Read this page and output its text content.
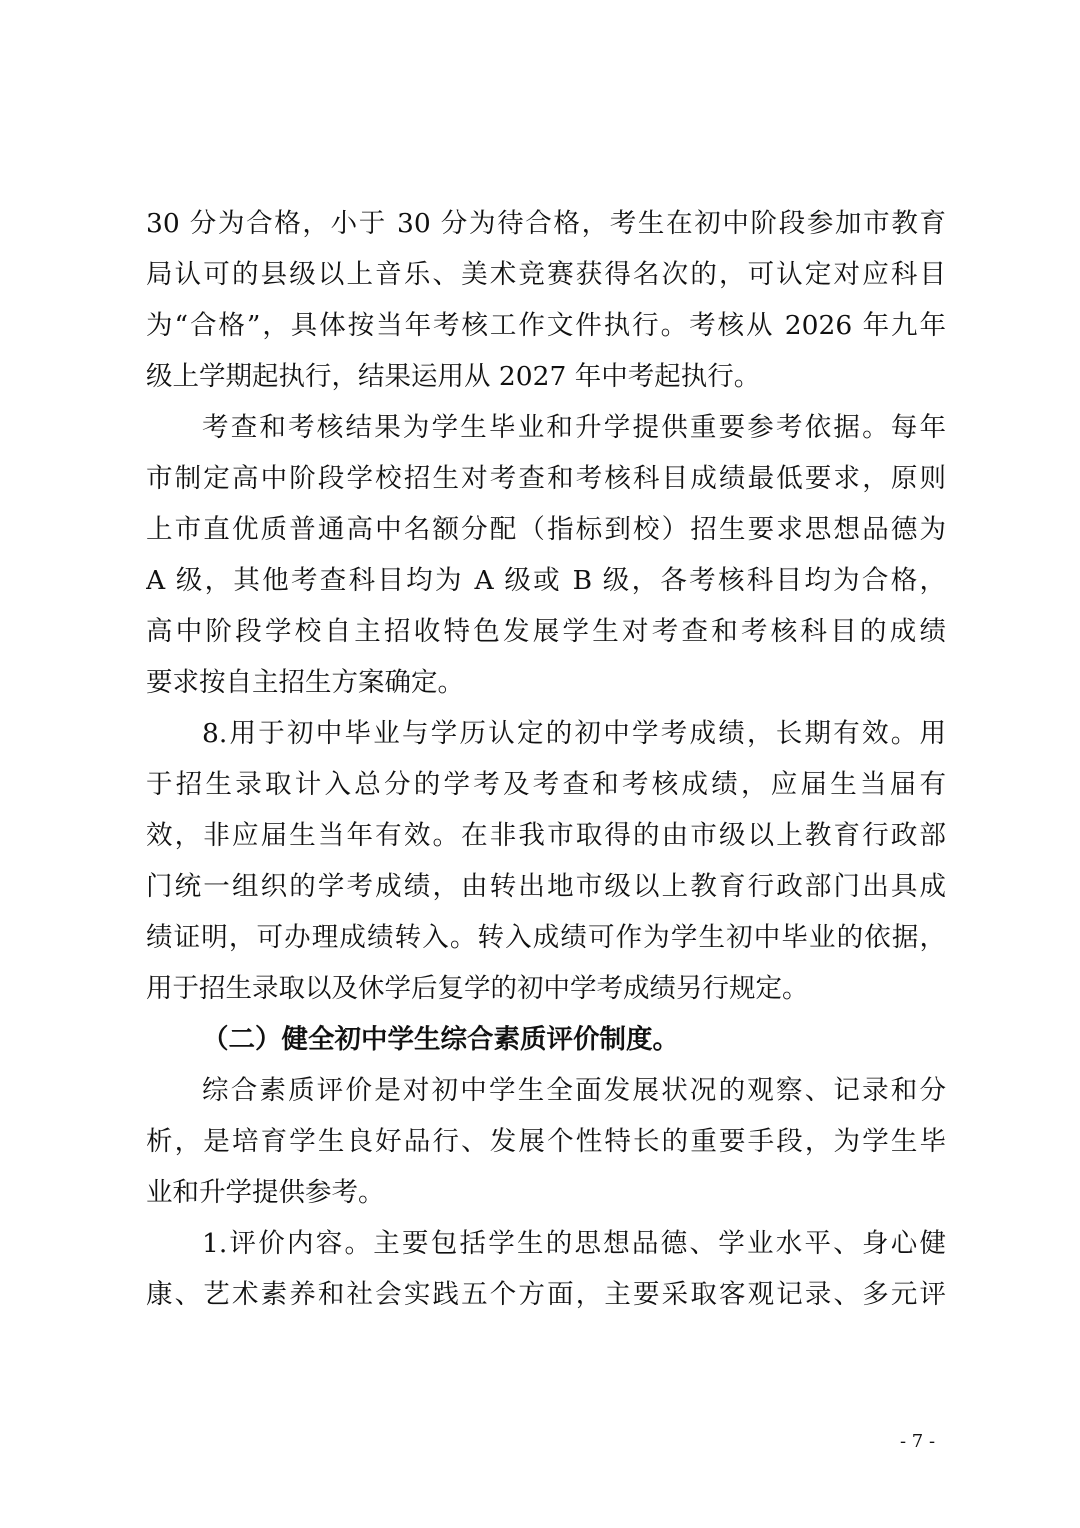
30 分为合格，小于 30 分为待合格，考生在初中阶段参加市教育

局认可的县级以上音乐、美术竞赛获得名次的，可认定对应科目

为“合格”，具体按当年考核工作文件执行。考核从 2026 年九年

级上学期起执行，结果运用从 2027 年中考起执行。

考查和考核结果为学生毕业和升学提供重要参考依据。每年

市制定高中阶段学校招生对考查和考核科目成绩最低要求，原则

上市直优质普通高中名额分配（指标到校）招生要求思想品德为

A 级，其他考查科目均为 A 级或 B 级，各考核科目均为合格，

高中阶段学校自主招收特色发展学生对考查和考核科目的成绩

要求按自主招生方案确定。

8.用于初中毕业与学历认定的初中学考成绩，长期有效。用

于招生录取计入总分的学考及考查和考核成绩，应届生当届有

效，非应届生当年有效。在非我市取得的由市级以上教育行政部

门统一组织的学考成绩，由转出地市级以上教育行政部门出具成

绩证明，可办理成绩转入。转入成绩可作为学生初中毕业的依据，

用于招生录取以及休学后复学的初中学考成绩另行规定。

（二）健全初中学生综合素质评价制度。

综合素质评价是对初中学生全面发展状况的观察、记录和分

析，是培育学生良好品行、发展个性特长的重要手段，为学生毕

业和升学提供参考。

1.评价内容。主要包括学生的思想品德、学业水平、身心健

康、艺术素养和社会实践五个方面，主要采取客观记录、多元评

- 7 -
